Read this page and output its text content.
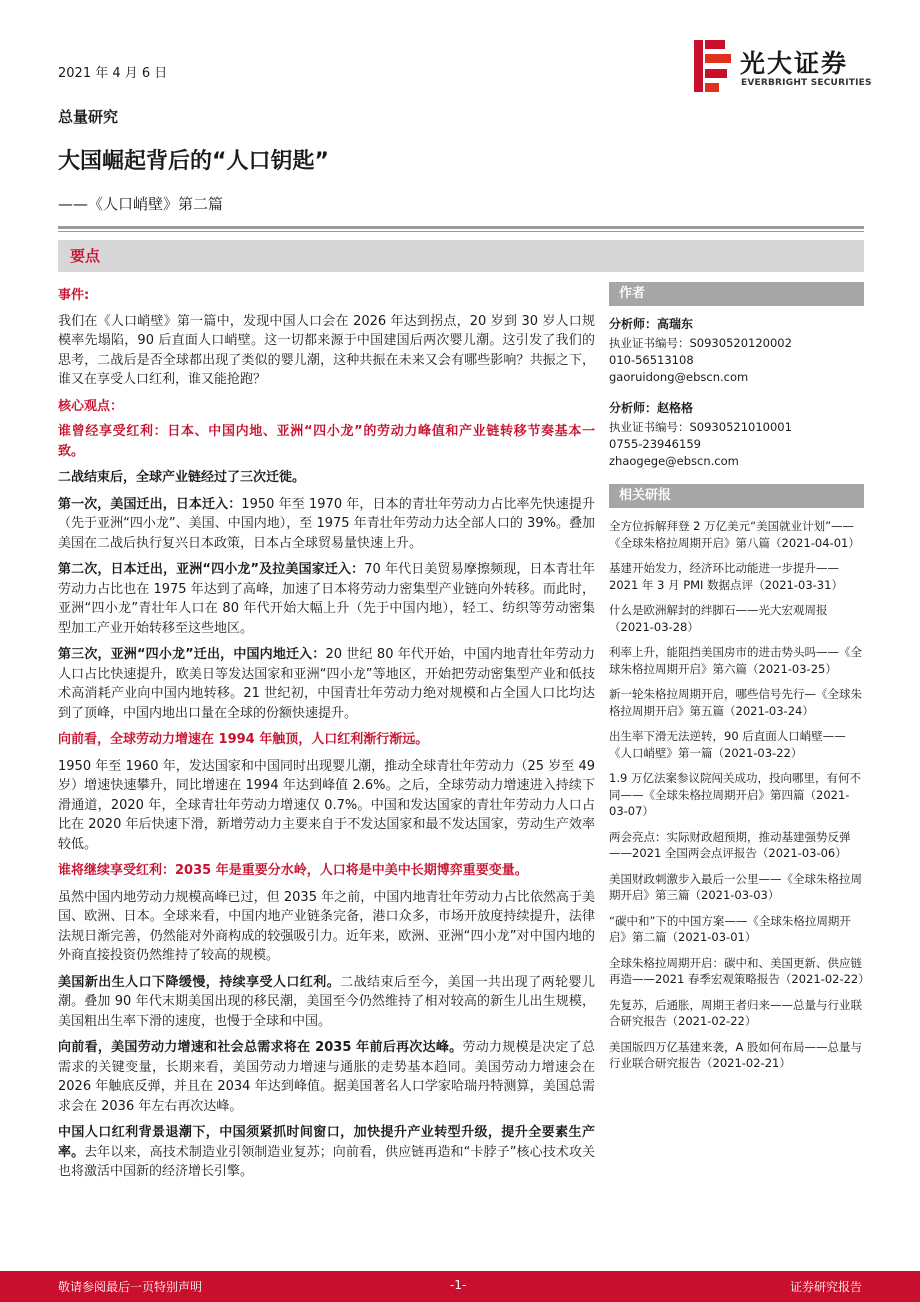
2021 年 4 月 6 日	光大证券
EVERBRIGHT SECURITIES
总量研究
大国崛起背后的“人口钥匙”
——《人口峭壁》第二篇
要点

事件:

我们在《人口峭壁》第一篇中，发现中国人口会在 2026 年达到拐点，20 岁到 30 岁人口规模率先塌陷，90 后直面人口峭壁。这一切都来源于中国建国后两次婴儿潮。这引发了我们的思考，二战后是否全球都出现了类似的婴儿潮，这种共振在未来又会有哪些影响？共振之下，谁又在享受人口红利，谁又能抢跑？

核心观点：

谁曾经享受红利：日本、中国内地、亚洲“四小龙”的劳动力峰值和产业链转移节奏基本一致。

二战结束后，全球产业链经过了三次迁徙。

第一次，美国迁出，日本迁入：1950 年至 1970 年，日本的青壮年劳动力占比率先快速提升（先于亚洲“四小龙”、美国、中国内地），至 1975 年青壮年劳动力达全部人口的 39%。叠加美国在二战后执行复兴日本政策，日本占全球贸易量快速上升。

第二次，日本迁出，亚洲“四小龙”及拉美国家迁入：70 年代日美贸易摩擦频现，日本青壮年劳动力占比也在 1975 年达到了高峰，加速了日本将劳动力密集型产业链向外转移。而此时，亚洲“四小龙”青壮年人口在 80 年代开始大幅上升（先于中国内地），轻工、纺织等劳动密集型加工产业开始转移至这些地区。

第三次，亚洲“四小龙”迁出，中国内地迁入：20 世纪 80 年代开始，中国内地青壮年劳动力人口占比快速提升，欧美日等发达国家和亚洲“四小龙”等地区，开始把劳动密集型产业和低技术高消耗产业向中国内地转移。21 世纪初，中国青壮年劳动力绝对规模和占全国人口比均达到了顶峰，中国内地出口量在全球的份额快速提升。

向前看，全球劳动力增速在 1994 年触顶，人口红利渐行渐远。

1950 年至 1960 年，发达国家和中国同时出现婴儿潮，推动全球青壮年劳动力（25 岁至 49 岁）增速快速攀升，同比增速在 1994 年达到峰值 2.6%。之后，全球劳动力增速进入持续下滑通道，2020 年，全球青壮年劳动力增速仅 0.7%。中国和发达国家的青壮年劳动力人口占比在 2020 年后快速下滑，新增劳动力主要来自于不发达国家和最不发达国家，劳动生产效率较低。

谁将继续享受红利：2035 年是重要分水岭，人口将是中美中长期博弈重要变量。

虽然中国内地劳动力规模高峰已过，但 2035 年之前，中国内地青壮年劳动力占比依然高于美国、欧洲、日本。全球来看，中国内地产业链条完备，港口众多，市场开放度持续提升，法律法规日渐完善，仍然能对外商构成的较强吸引力。近年来，欧洲、亚洲“四小龙”对中国内地的外商直接投资仍然维持了较高的规模。

美国新出生人口下降缓慢，持续享受人口红利。二战结束后至今，美国一共出现了两轮婴儿潮。叠加 90 年代末期美国出现的移民潮，美国至今仍然维持了相对较高的新生儿出生规模，美国粗出生率下滑的速度，也慢于全球和中国。

向前看，美国劳动力增速和社会总需求将在 2035 年前后再次达峰。劳动力规模是决定了总需求的关键变量，长期来看，美国劳动力增速与通胀的走势基本趋同。美国劳动力增速会在 2026 年触底反弹，并且在 2034 年达到峰值。据美国著名人口学家哈瑞丹特测算，美国总需求会在 2036 年左右再次达峰。

中国人口红利背景退潮下，中国须紧抓时间窗口，加快提升产业转型升级，提升全要素生产率。去年以来，高技术制造业引领制造业复苏；向前看，供应链再造和“卡脖子”核心技术攻关也将激活中国新的经济增长引擎。

作者
分析师：高瑞东
执业证书编号：S0930520120002
010-56513108
gaoruidong@ebscn.com
分析师：赵格格
执业证书编号：S0930521010001
0755-23946159
zhaogege@ebscn.com
相关研报
全方位拆解拜登 2 万亿美元“美国就业计划”——《全球朱格拉周期开启》第八篇（2021-04-01）
基建开始发力，经济环比动能进一步提升——2021 年 3 月 PMI 数据点评（2021-03-31）
什么是欧洲解封的绊脚石——光大宏观周报（2021-03-28）
利率上升，能阻挡美国房市的进击势头吗——《全球朱格拉周期开启》第六篇（2021-03-25）
新一轮朱格拉周期开启，哪些信号先行—《全球朱格拉周期开启》第五篇（2021-03-24）
出生率下滑无法逆转，90 后直面人口峭壁——《人口峭壁》第一篇（2021-03-22）
1.9 万亿法案参议院闯关成功，投向哪里，有何不同——《全球朱格拉周期开启》第四篇（2021-03-07）
两会亮点：实际财政超预期，推动基建强势反弹——2021 全国两会点评报告（2021-03-06）
美国财政刺激步入最后一公里——《全球朱格拉周期开启》第三篇（2021-03-03）
“碳中和”下的中国方案——《全球朱格拉周期开启》第二篇（2021-03-01）
全球朱格拉周期开启：碳中和、美国更新、供应链再造——2021 春季宏观策略报告（2021-02-22）
先复苏，后通胀，周期王者归来——总量与行业联合研究报告（2021-02-22）
美国版四万亿基建来袭，A 股如何布局——总量与行业联合研究报告（2021-02-21）
敬请参阅最后一页特别声明	-1-	证券研究报告
